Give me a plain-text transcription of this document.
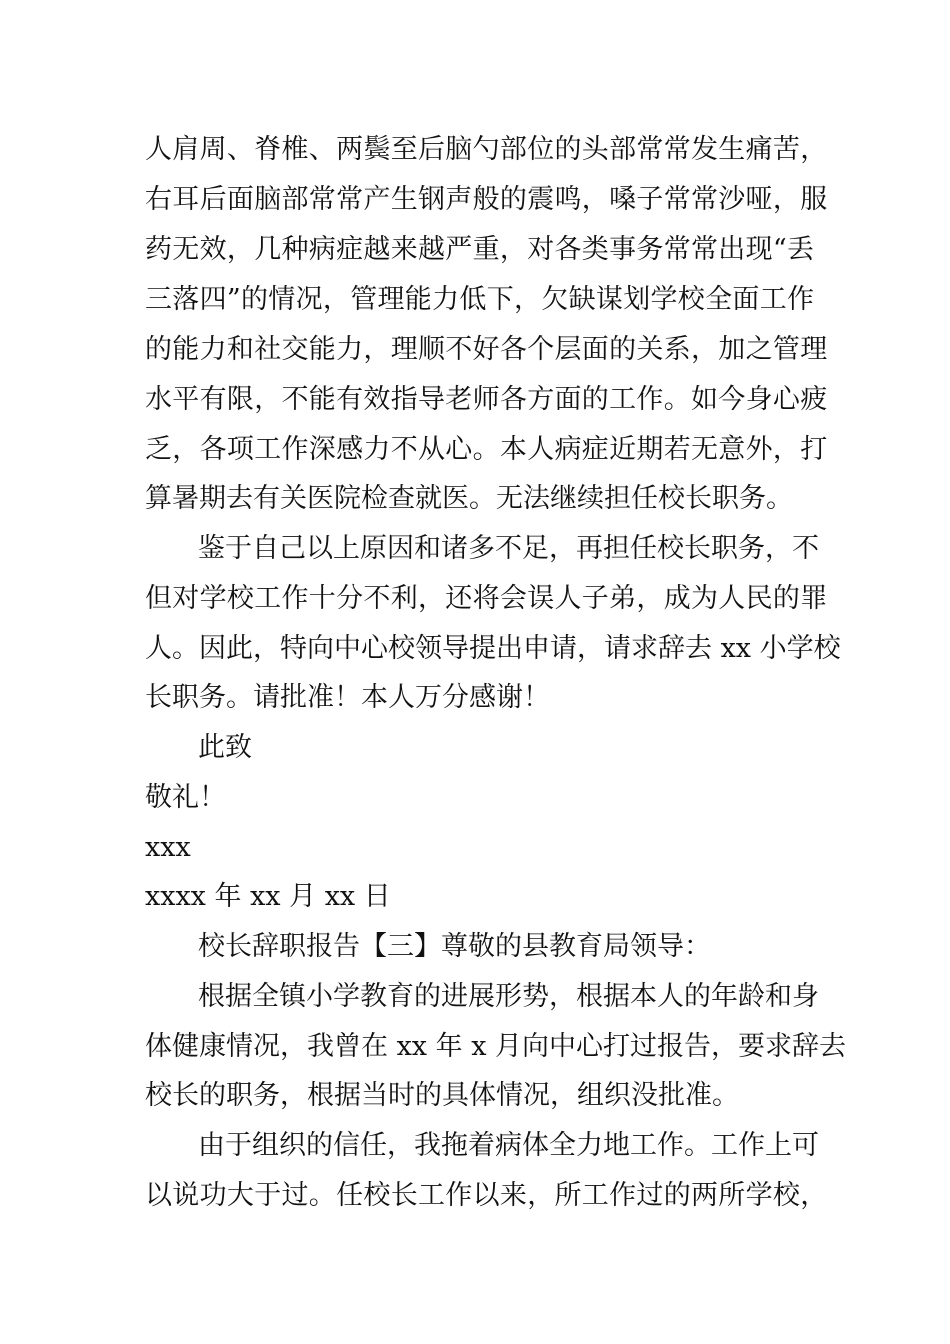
人肩周、脊椎、两鬓至后脑勺部位的头部常常发生痛苦，
右耳后面脑部常常产生钢声般的震鸣，嗓子常常沙哑，服
药无效，几种病症越来越严重，对各类事务常常出现“丢
三落四”的情况，管理能力低下，欠缺谋划学校全面工作
的能力和社交能力，理顺不好各个层面的关系，加之管理
水平有限，不能有效指导老师各方面的工作。如今身心疲
乏，各项工作深感力不从心。本人病症近期若无意外，打
算暑期去有关医院检查就医。无法继续担任校长职务。
鉴于自己以上原因和诸多不足，再担任校长职务，不
但对学校工作十分不利，还将会误人子弟，成为人民的罪
人。因此，特向中心校领导提出申请，请求辞去 xx 小学校
长职务。请批准！本人万分感谢！
此致
敬礼！
xxx
xxxx 年 xx 月 xx 日
校长辞职报告【三】尊敬的县教育局领导：
根据全镇小学教育的进展形势，根据本人的年龄和身
体健康情况，我曾在 xx 年 x 月向中心打过报告，要求辞去
校长的职务，根据当时的具体情况，组织没批准。
由于组织的信任，我拖着病体全力地工作。工作上可
以说功大于过。任校长工作以来，所工作过的两所学校，
